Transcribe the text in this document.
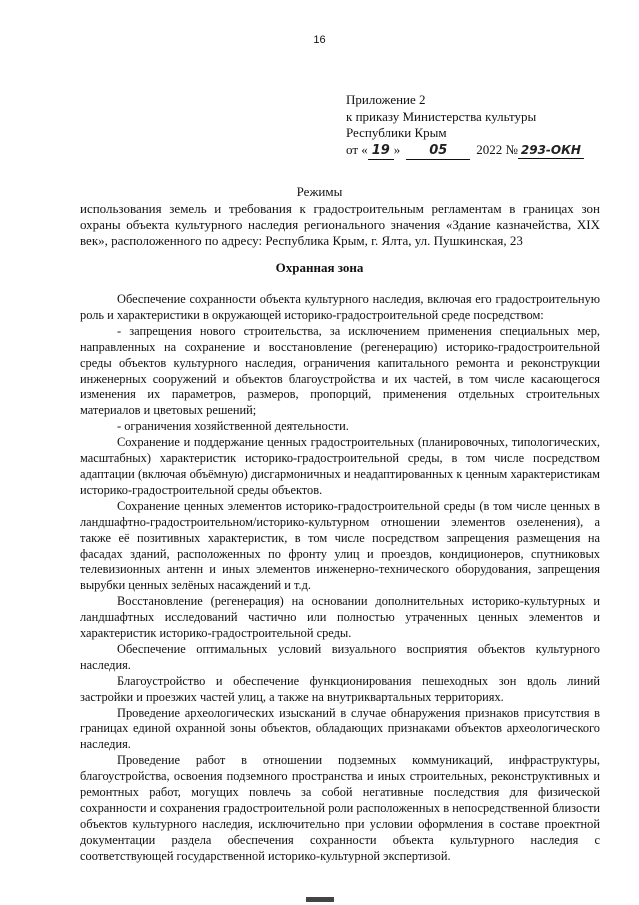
16
Приложение 2
к приказу Министерства культуры
Республики Крым
от « 19 »	05	2022 № 293-ОКН
Режимы
использования земель и требования к градостроительным регламентам в границах зон охраны объекта культурного наследия регионального значения «Здание казначейства, XIX век», расположенного по адресу: Республика Крым, г. Ялта, ул. Пушкинская, 23
Охранная зона

Обеспечение сохранности объекта культурного наследия, включая его градостроительную роль и характеристики в окружающей историко-градостроительной среде посредством:

- запрещения нового строительства, за исключением применения специальных мер, направленных на сохранение и восстановление (регенерацию) историко-градостроительной среды объектов культурного наследия, ограничения капитального ремонта и реконструкции инженерных сооружений и объектов благоустройства и их частей, в том числе касающегося изменения их параметров, размеров, пропорций, применения отдельных строительных материалов и цветовых решений;

- ограничения хозяйственной деятельности.

Сохранение и поддержание ценных градостроительных (планировочных, типологических, масштабных) характеристик историко-градостроительной среды, в том числе посредством адаптации (включая объёмную) дисгармоничных и неадаптированных к ценным характеристикам историко-градостроительной среды объектов.

Сохранение ценных элементов историко-градостроительной среды (в том числе ценных в ландшафтно-градостроительном/историко-культурном отношении элементов озеленения), а также её позитивных характеристик, в том числе посредством запрещения размещения на фасадах зданий, расположенных по фронту улиц и проездов, кондиционеров, спутниковых телевизионных антенн и иных элементов инженерно-технического оборудования, запрещения вырубки ценных зелёных насаждений и т.д.

Восстановление (регенерация) на основании дополнительных историко-культурных и ландшафтных исследований частично или полностью утраченных ценных элементов и характеристик историко-градостроительной среды.

Обеспечение оптимальных условий визуального восприятия объектов культурного наследия.

Благоустройство и обеспечение функционирования пешеходных зон вдоль линий застройки и проезжих частей улиц, а также на внутриквартальных территориях.

Проведение археологических изысканий в случае обнаружения признаков присутствия в границах единой охранной зоны объектов, обладающих признаками объектов археологического наследия.

Проведение работ в отношении подземных коммуникаций, инфраструктуры, благоустройства, освоения подземного пространства и иных строительных, реконструктивных и ремонтных работ, могущих повлечь за собой негативные последствия для физической сохранности и сохранения градостроительной роли расположенных в непосредственной близости объектов культурного наследия, исключительно при условии оформления в составе проектной документации раздела обеспечения сохранности объекта культурного наследия с соответствующей государственной историко-культурной экспертизой.
